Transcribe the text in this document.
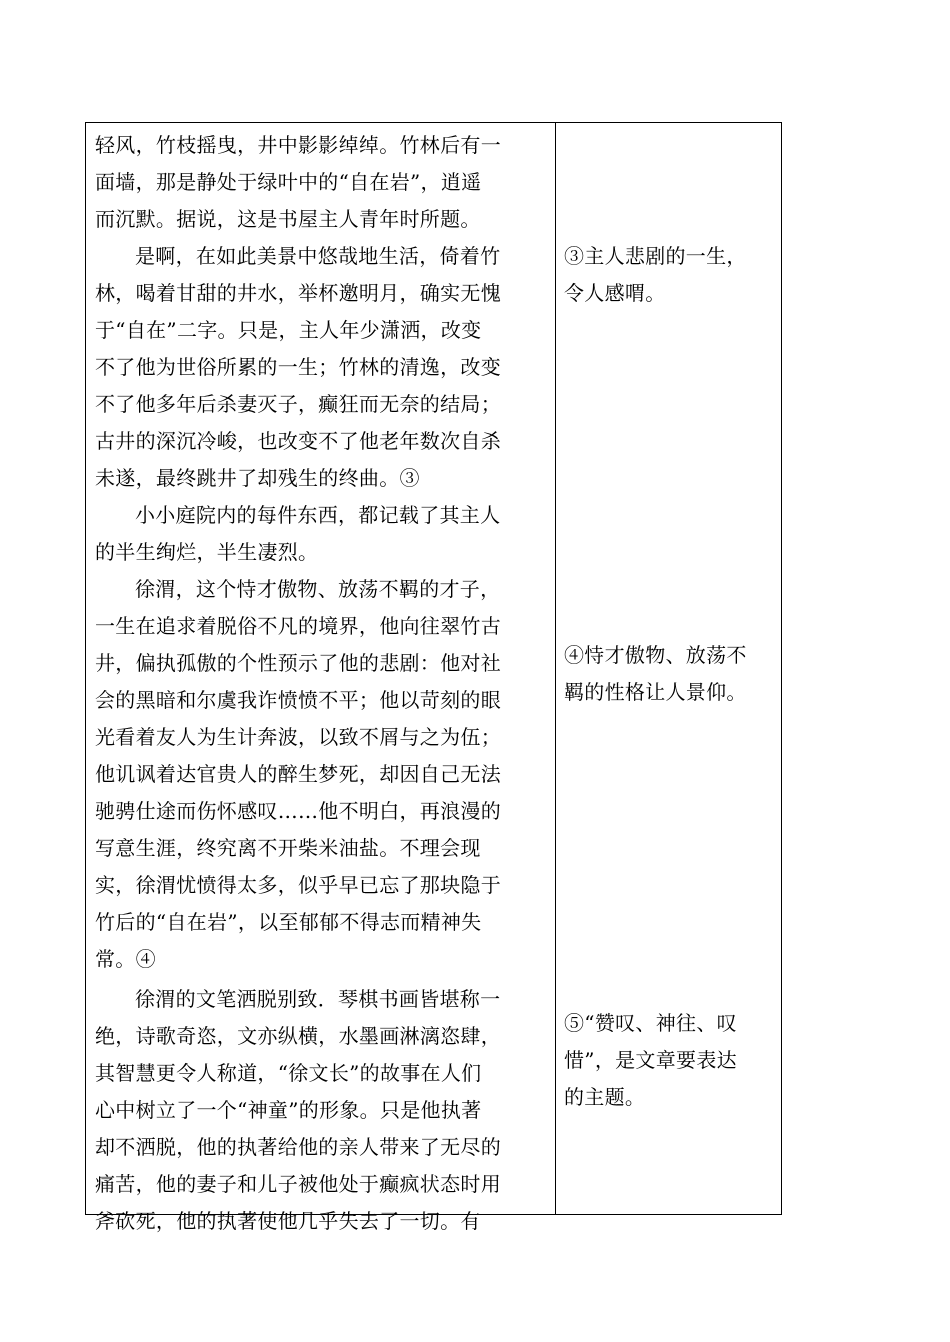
轻风，竹枝摇曳，井中影影绰绰。竹林后有一
面墙，那是静处于绿叶中的“自在岩”，逍遥
而沉默。据说，这是书屋主人青年时所题。
是啊，在如此美景中悠哉地生活，倚着竹
林，喝着甘甜的井水，举杯邀明月，确实无愧
于“自在”二字。只是，主人年少潇洒，改变
不了他为世俗所累的一生；竹林的清逸，改变
不了他多年后杀妻灭子，癫狂而无奈的结局；
古井的深沉冷峻，也改变不了他老年数次自杀
未遂，最终跳井了却残生的终曲。③
小小庭院内的每件东西，都记载了其主人
的半生绚烂，半生凄烈。
徐渭，这个恃才傲物、放荡不羁的才子，
一生在追求着脱俗不凡的境界，他向往翠竹古
井，偏执孤傲的个性预示了他的悲剧：他对社
会的黑暗和尔虞我诈愤愤不平；他以苛刻的眼
光看着友人为生计奔波，以致不屑与之为伍；
他讥讽着达官贵人的醉生梦死，却因自己无法
驰骋仕途而伤怀感叹……他不明白，再浪漫的
写意生涯，终究离不开柴米油盐。不理会现
实，徐渭忧愤得太多，似乎早已忘了那块隐于
竹后的“自在岩”，以至郁郁不得志而精神失
常。④
徐渭的文笔洒脱别致．琴棋书画皆堪称一
绝，诗歌奇恣，文亦纵横，水墨画淋漓恣肆，
其智慧更令人称道，“徐文长”的故事在人们
心中树立了一个“神童”的形象。只是他执著
却不洒脱，他的执著给他的亲人带来了无尽的
痛苦，他的妻子和儿子被他处于癫疯状态时用
斧砍死，他的执著使他几乎失去了一切。有
③主人悲剧的一生，
令人感喟。
④恃才傲物、放荡不
羁的性格让人景仰。
⑤“赞叹、神往、叹
惜”，是文章要表达
的主题。
